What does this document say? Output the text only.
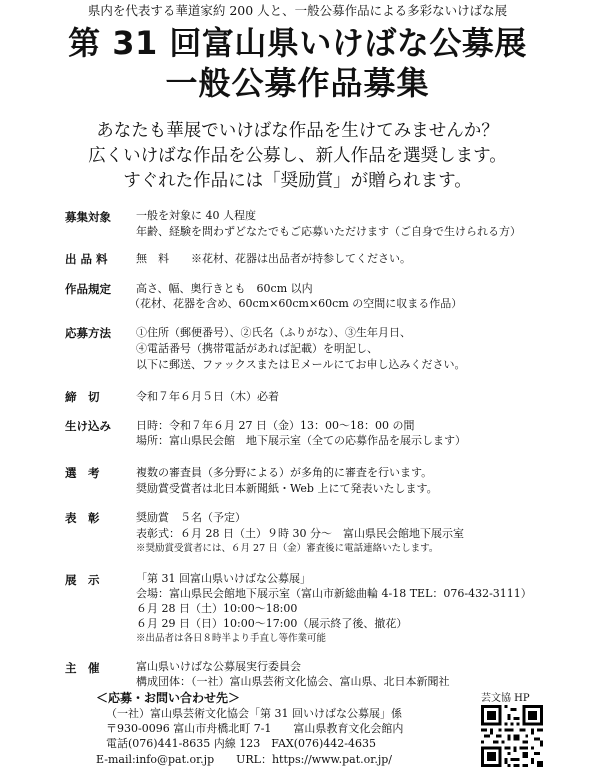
県内を代表する華道家約 200 人と、一般公募作品による多彩ないけばな展
第 31 回富山県いけばな公募展
一般公募作品募集
あなたも華展でいけばな作品を生けてみませんか？
広くいけばな作品を公募し、新人作品を選奨します。
すぐれた作品には「奨励賞」が贈られます。
募集対象 一般を対象に 40 人程度
年齢、経験を問わずどなたでもご応募いただけます（ご自身で生けられる方）
出 品 料	無　料　　※花材、花器は出品者が持参してください。
作品規定 高さ、幅、奥行きとも　60cm 以内
（花材、花器を含め、60cm×60cm×60cm の空間に収まる作品）
応募方法 ①住所（郵便番号）、②氏名（ふりがな）、③生年月日、
④電話番号（携帯電話があれば記載）を明記し、
以下に郵送、ファックスまたはＥメールにてお申し込みください。
締　切	令和７年６月５日（木）必着
生け込み 日時：令和７年６月 27 日（金）13：00～18：00 の間
場所：富山県民会館　地下展示室（全ての応募作品を展示します）
選　考	複数の審査員（多分野による）が多角的に審査を行います。
奨励賞受賞者は北日本新聞紙・Web 上にて発表いたします。
表　彰	奨励賞　５名（予定）
表彰式：６月 28 日（土）９時 30 分～　富山県民会館地下展示室
※奨励賞受賞者には、６月 27 日（金）審査後に電話連絡いたします。
展　示	「第 31 回富山県いけばな公募展」
会場：富山県民会館地下展示室（富山市新総曲輪 4-18 TEL：076-432-3111）
６月 28 日（土）10:00～18:00
６月 29 日（日）10:00～17:00（展示終了後、撤花）
※出品者は各日８時半より手直し等作業可能
主　催	富山県いけばな公募展実行委員会
構成団体：（一社）富山県芸術文化協会、富山県、北日本新聞社
＜応募・お問い合わせ先＞
（一社）富山県芸術文化協会「第 31 回いけばな公募展」係
〒930-0096 富山市舟橋北町 7-1　　富山県教育文化会館内
電話(076)441-8635 内線 123　FAX(076)442-4635
E-mail:info@pat.or.jp　　URL：https://www.pat.or.jp/
芸文協 HP
